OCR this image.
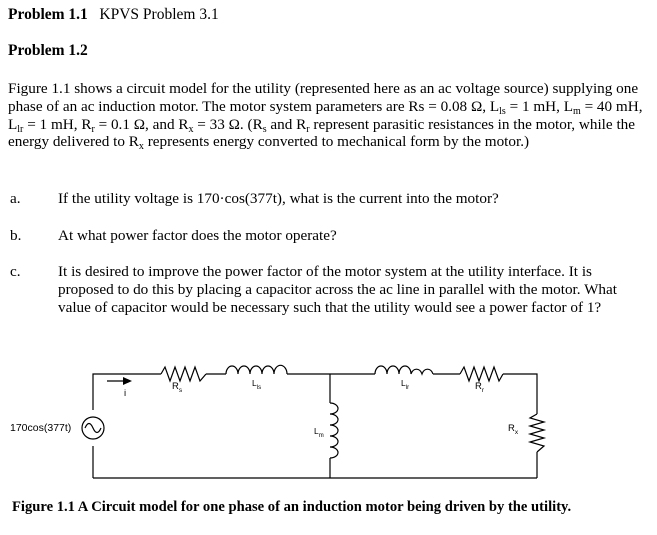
Problem 1.1 KPVS Problem 3.1
Problem 1.2
Figure 1.1 shows a circuit model for the utility (represented here as an ac voltage source) supplying one phase of an ac induction motor. The motor system parameters are Rs = 0.08 Ω, $L_{ls} = 1$ mH, $L_m = 40$ mH, $L_{lr} = 1$ mH, $R_r = 0.1$ Ω, and $R_x = 33$ Ω. ($R_s$ and $R_r$ represent parasitic resistances in the motor, while the energy delivered to $R_x$ represents energy converted to mechanical form by the motor.)
a. If the utility voltage is 170·cos(377t), what is the current into the motor?
b. At what power factor does the motor operate?
c. It is desired to improve the power factor of the motor system at the utility interface. It is proposed to do this by placing a capacitor across the ac line in parallel with the motor. What value of capacitor would be necessary such that the utility would see a power factor of 1?
170cos(377t)
i
$R_s$
$L_{ls}$
$L_m$
$L_{lr}$	$R_r$
$R_x$
Figure 1.1 A Circuit model for one phase of an induction motor being driven by the utility.
